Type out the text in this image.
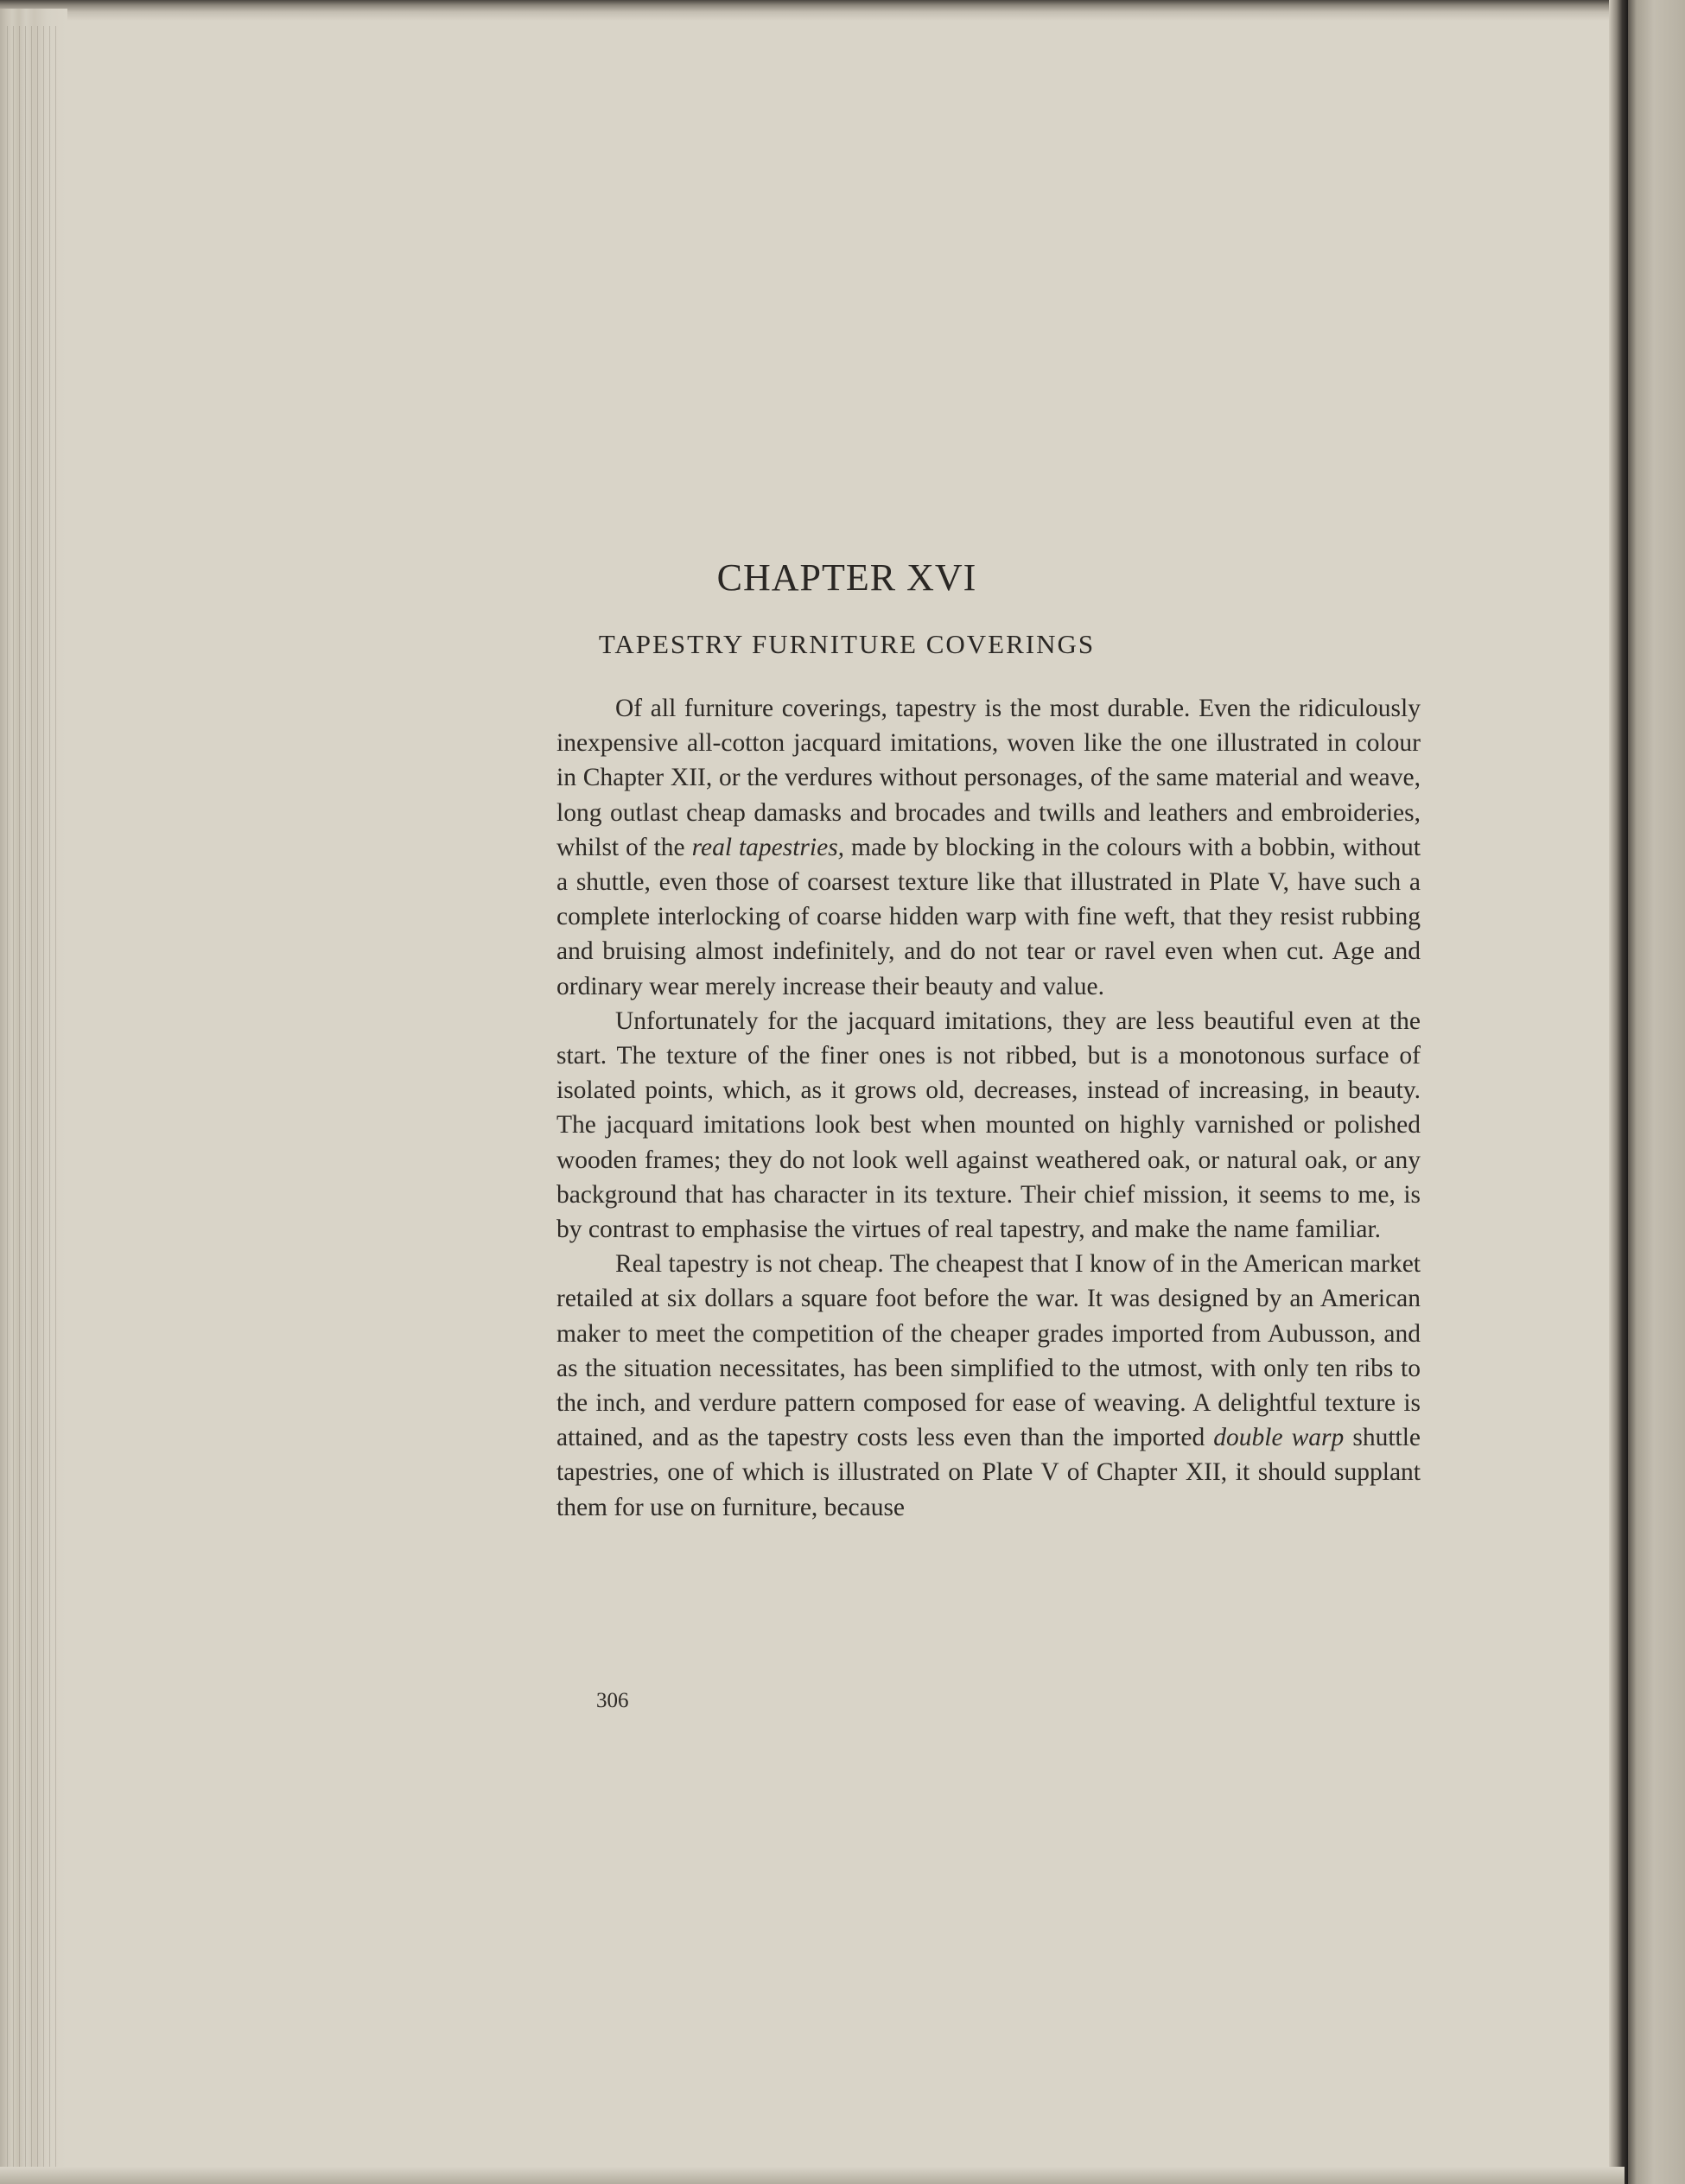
CHAPTER XVI
TAPESTRY FURNITURE COVERINGS

Of all furniture coverings, tapestry is the most durable. Even the ridiculously inexpensive all-cotton jacquard imitations, woven like the one illustrated in colour in Chapter XII, or the verdures without personages, of the same material and weave, long outlast cheap damasks and brocades and twills and leathers and embroideries, whilst of the real tapestries, made by blocking in the colours with a bobbin, without a shuttle, even those of coarsest texture like that illustrated in Plate V, have such a complete interlocking of coarse hidden warp with fine weft, that they resist rubbing and bruising almost indefinitely, and do not tear or ravel even when cut. Age and ordinary wear merely increase their beauty and value.

Unfortunately for the jacquard imitations, they are less beautiful even at the start. The texture of the finer ones is not ribbed, but is a monotonous surface of isolated points, which, as it grows old, decreases, instead of increasing, in beauty. The jacquard imitations look best when mounted on highly varnished or polished wooden frames; they do not look well against weathered oak, or natural oak, or any background that has character in its texture. Their chief mission, it seems to me, is by contrast to emphasise the virtues of real tapestry, and make the name familiar.

Real tapestry is not cheap. The cheapest that I know of in the American market retailed at six dollars a square foot before the war. It was designed by an American maker to meet the competition of the cheaper grades imported from Aubusson, and as the situation necessitates, has been simplified to the utmost, with only ten ribs to the inch, and verdure pattern composed for ease of weaving. A delightful texture is attained, and as the tapestry costs less even than the imported double warp shuttle tapestries, one of which is illustrated on Plate V of Chapter XII, it should supplant them for use on furniture, because

306
